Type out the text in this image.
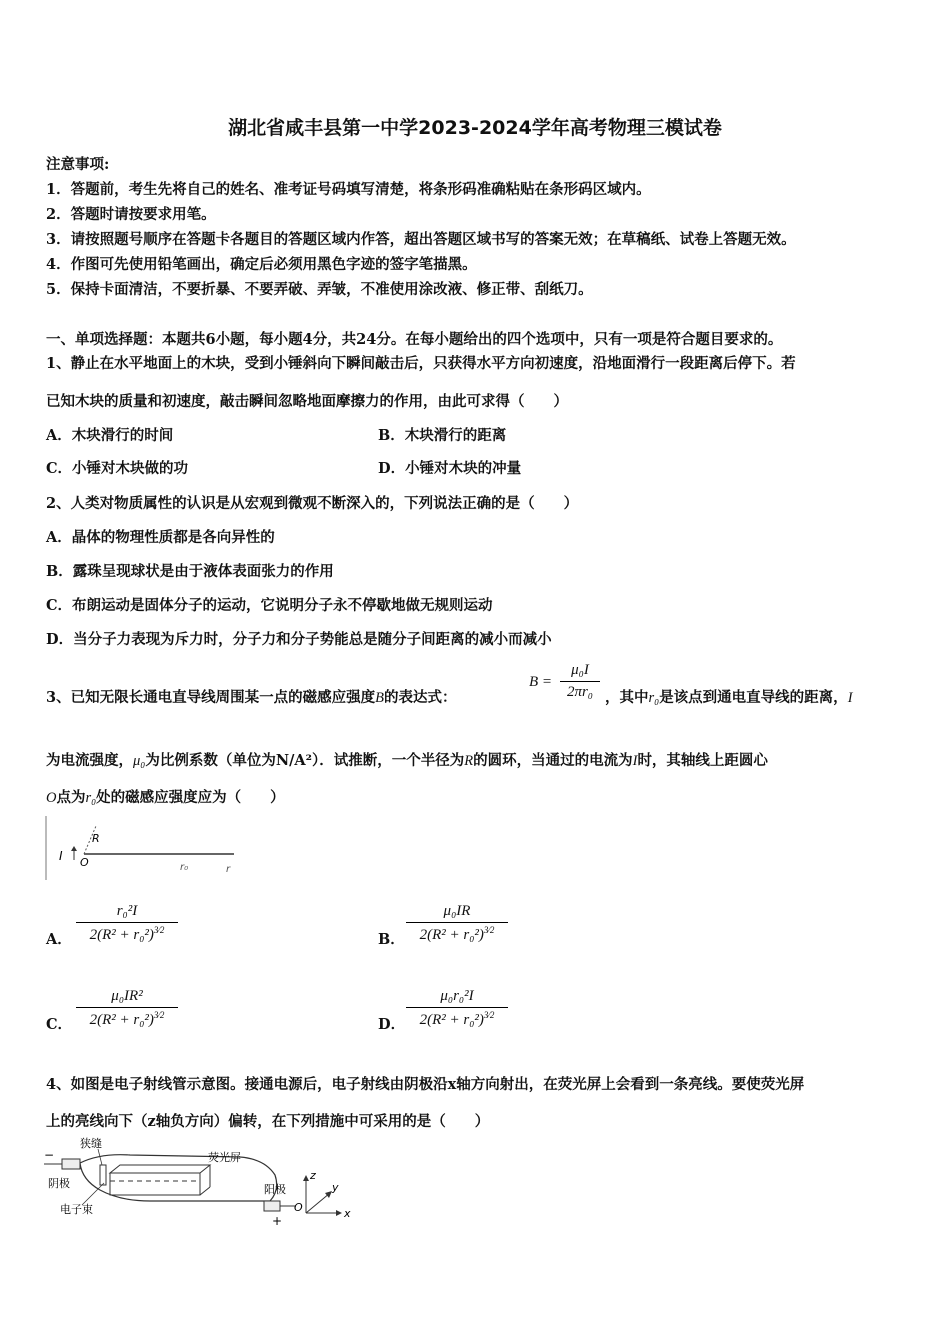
湖北省咸丰县第一中学2023-2024学年高考物理三模试卷
注意事项:
1．答题前，考生先将自己的姓名、准考证号码填写清楚，将条形码准确粘贴在条形码区域内。
2．答题时请按要求用笔。
3．请按照题号顺序在答题卡各题目的答题区域内作答，超出答题区域书写的答案无效；在草稿纸、试卷上答题无效。
4．作图可先使用铅笔画出，确定后必须用黑色字迹的签字笔描黑。
5．保持卡面清洁，不要折暴、不要弄破、弄皱，不准使用涂改液、修正带、刮纸刀。
一、单项选择题：本题共6小题，每小题4分，共24分。在每小题给出的四个选项中，只有一项是符合题目要求的。
1、静止在水平地面上的木块，受到小锤斜向下瞬间敲击后，只获得水平方向初速度，沿地面滑行一段距离后停下。若
已知木块的质量和初速度，敲击瞬间忽略地面摩擦力的作用，由此可求得（　　）
A．木块滑行的时间	B．木块滑行的距离
C．小锤对木块做的功	D．小锤对木块的冲量
2、人类对物质属性的认识是从宏观到微观不断深入的，下列说法正确的是（　　）
A．晶体的物理性质都是各向异性的
B．露珠呈现球状是由于液体表面张力的作用
C．布朗运动是固体分子的运动，它说明分子永不停歇地做无规则运动
D．当分子力表现为斥力时，分子力和分子势能总是随分子间距离的减小而减小
3、已知无限长通电直导线周围某一点的磁感应强度B的表达式：
B =
μ₀I
2πr₀ ，其中r₀是该点到通电直导线的距离，I
为电流强度，μ₀为比例系数（单位为N/A²）．试推断，一个半径为R的圆环，当通过的电流为I时，其轴线上距圆心
O点为r₀处的磁感应强度应为（　　）
I O
R
r₀	r
A．
r₀²I
$2(R^2 + r_0^2)^{3⁄2}$
B．
μ₀IR
$2(R^2 + r_0^2)^{3⁄2}$
C．
μ₀IR²
$2(R^2 + r_0^2)^{3⁄2}$
D．
μ₀r₀²I
$2(R^2 + r_0^2)^{3⁄2}$
4、如图是电子射线管示意图。接通电源后，电子射线由阴极沿x轴方向射出，在荧光屏上会看到一条亮线。要使荧光屏
上的亮线向下（z轴负方向）偏转，在下列措施中可采用的是（　　）
狭缝
荧光屏
阴极	阳极
电子束
−
+
x
y
z
O
